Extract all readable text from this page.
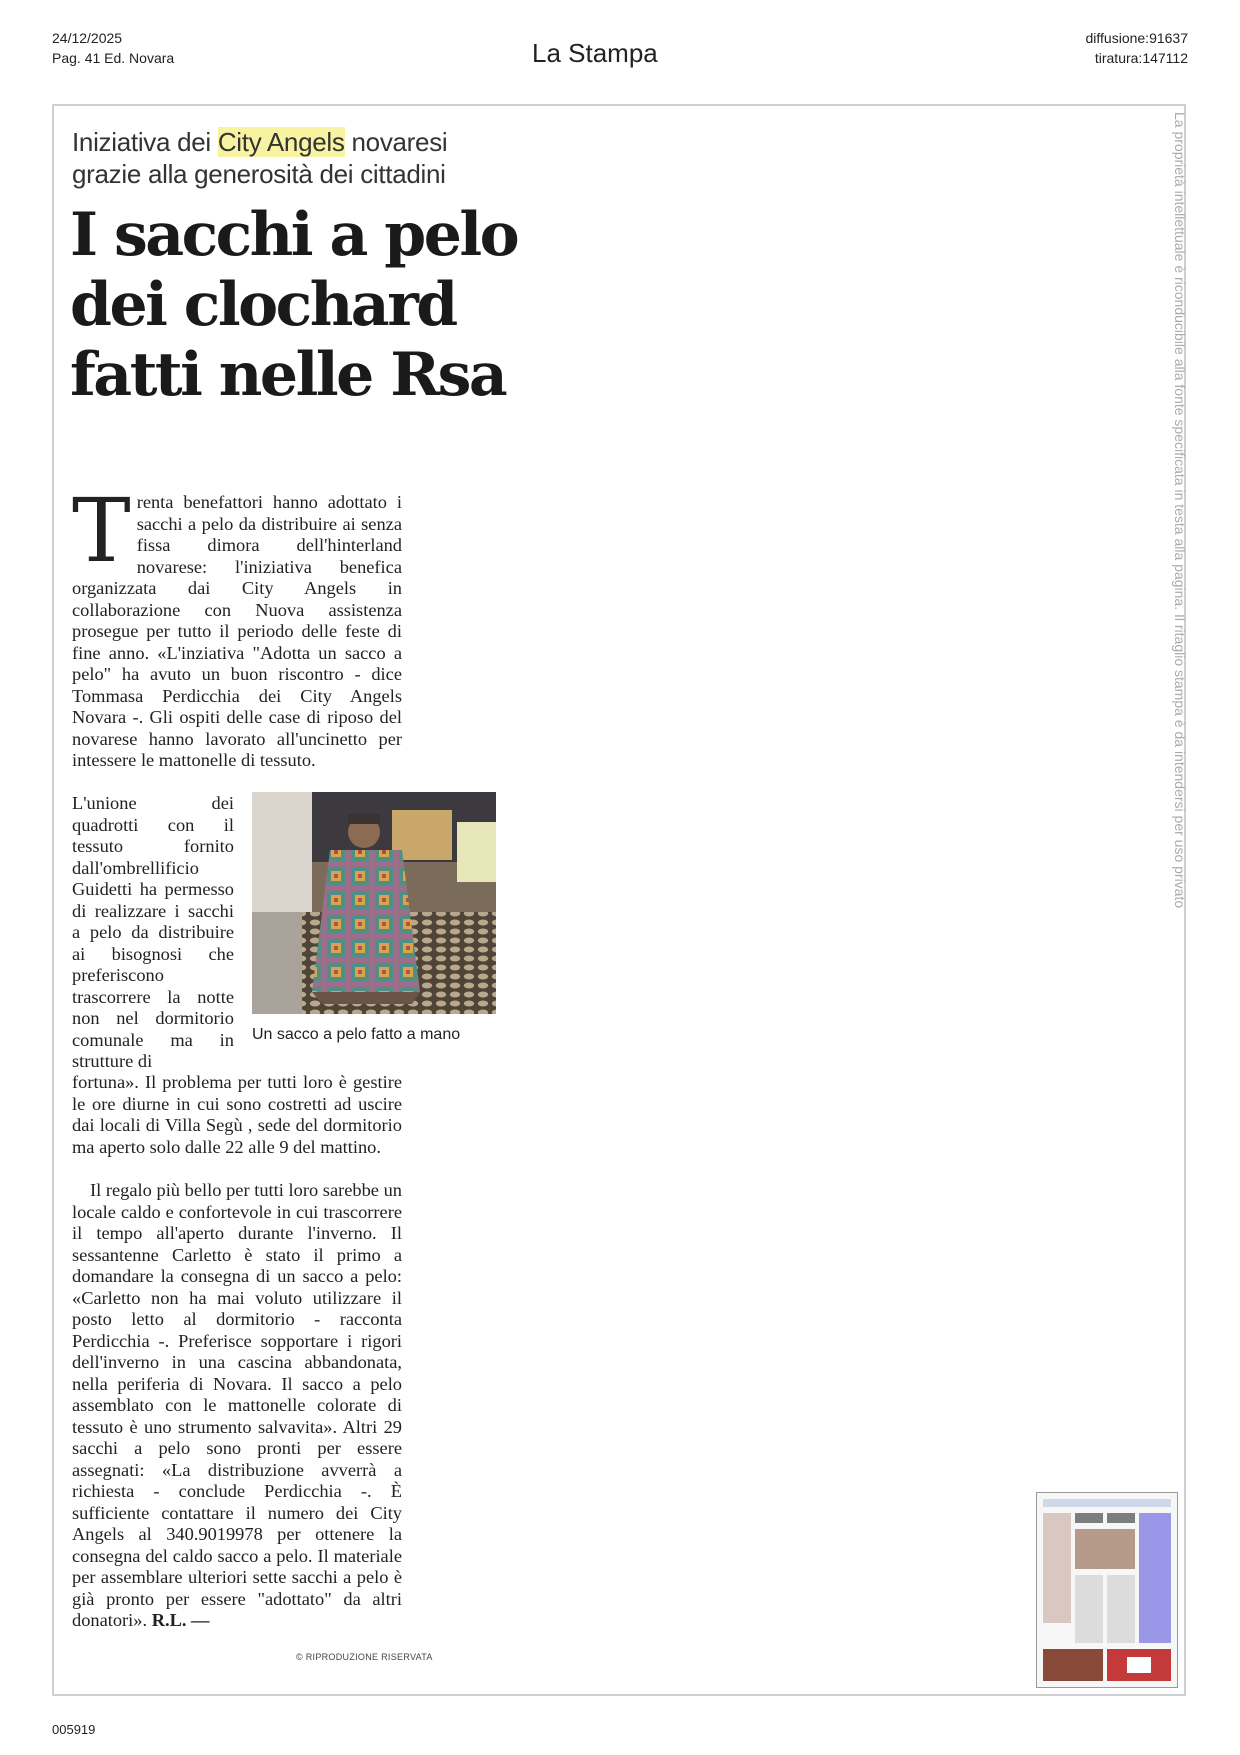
24/12/2025
Pag. 41 Ed. Novara	La Stampa	diffusione:91637
tiratura:147112
La proprietà intellettuale è riconducibile alla fonte specificata in testa alla pagina. Il ritaglio stampa è da intendersi per uso privato
Iniziativa dei City Angels novaresi grazie alla generosità dei cittadini
I sacchi a pelo dei clochard fatti nelle Rsa

Trenta benefattori hanno adottato i sacchi a pelo da distribuire ai senza fissa dimora dell'hinterland novarese: l'iniziativa benefica organizzata dai City Angels in collaborazione con Nuova assistenza prosegue per tutto il periodo delle feste di fine anno. «L'inziativa "Adotta un sacco a pelo" ha avuto un buon riscontro - dice Tommasa Perdicchia dei City Angels Novara -. Gli ospiti delle case di riposo del novarese hanno lavorato all'uncinetto per intessere le mattonelle di tessuto.

L'unione dei quadrotti con il tessuto fornito dall'ombrellificio Guidetti ha permesso di realizzare i sacchi a pelo da distribuire ai bisognosi che preferiscono trascorrere la notte non nel dormitorio comunale ma in strutture di

Un sacco a pelo fatto a mano

fortuna». Il problema per tutti loro è gestire le ore diurne in cui sono costretti ad uscire dai locali di Villa Segù , sede del dormitorio ma aperto solo dalle 22 alle 9 del mattino.

Il regalo più bello per tutti loro sarebbe un locale caldo e confortevole in cui trascorrere il tempo all'aperto durante l'inverno. Il sessantenne Carletto è stato il primo a domandare la consegna di un sacco a pelo: «Carletto non ha mai voluto utilizzare il posto letto al dormitorio - racconta Perdicchia -. Preferisce sopportare i rigori dell'inverno in una cascina abbandonata, nella periferia di Novara. Il sacco a pelo assemblato con le mattonelle colorate di tessuto è uno strumento salvavita». Altri 29 sacchi a pelo sono pronti per essere assegnati: «La distribuzione avverrà a richiesta - conclude Perdicchia -. È sufficiente contattare il numero dei City Angels al 340.9019978 per ottenere la consegna del caldo sacco a pelo. Il materiale per assemblare ulteriori sette sacchi a pelo è già pronto per essere "adottato" da altri donatori». R.L. —

© RIPRODUZIONE RISERVATA
005919
